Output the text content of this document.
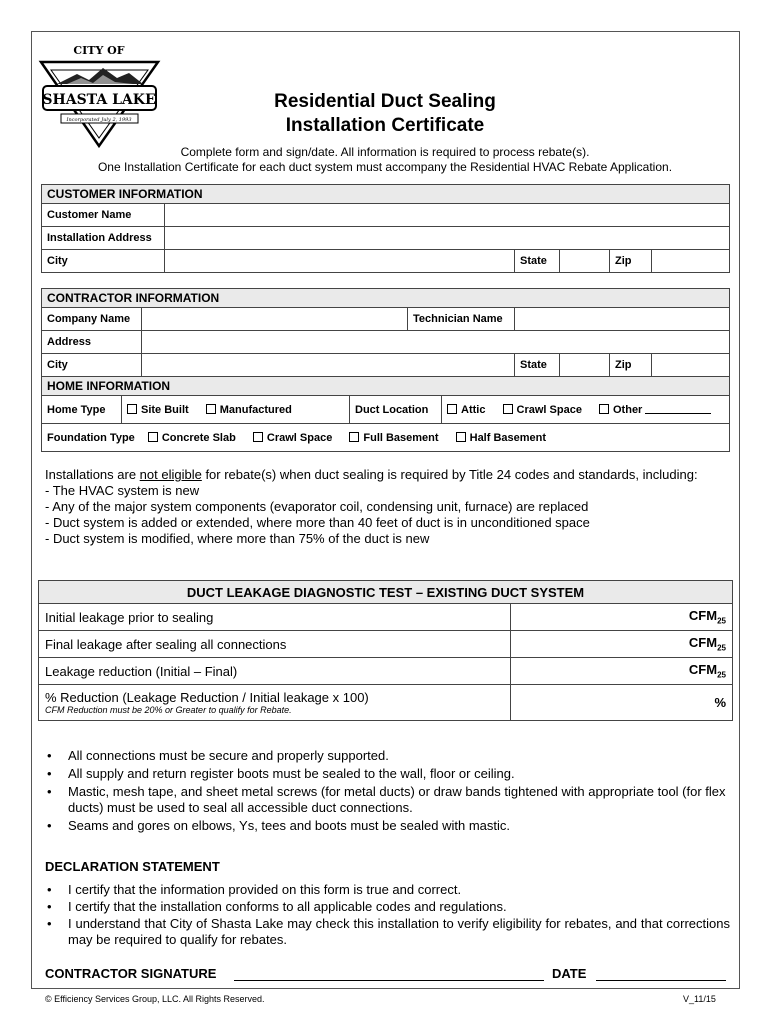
CITY OF
SHASTA LAKE
Incorporated July 2, 1993
Residential Duct Sealing
Installation Certificate
Complete form and sign/date. All information is required to process rebate(s).
One Installation Certificate for each duct system must accompany the Residential HVAC Rebate Application.
CUSTOMER INFORMATION					
Customer Name					
Installation Address					
City		State		Zip	
CONTRACTOR INFORMATION						
Company Name		Technician Name				
Address						
City			State		Zip	
HOME INFORMATION
Home Type	Site Built	Manufactured	Duct Location	Attic	Crawl Space	Other
Foundation Type Concrete Slab	Crawl Space	Full Basement	Half Basement
Installations are not eligible for rebate(s) when duct sealing is required by Title 24 codes and standards, including:
- The HVAC system is new
- Any of the major system components (evaporator coil, condensing unit, furnace) are replaced
- Duct system is added or extended, where more than 40 feet of duct is in unconditioned space
- Duct system is modified, where more than 75% of the duct is new
DUCT LEAKAGE DIAGNOSTIC TEST – EXISTING DUCT SYSTEM	
Initial leakage prior to sealing	$CFM_{25}$
Final leakage after sealing all connections	$CFM_{25}$
Leakage reduction (Initial – Final)	$CFM_{25}$
% Reduction (Leakage Reduction / Initial leakage x 100)
CFM Reduction must be 20% or Greater to qualify for Rebate.	%
• All connections must be secure and properly supported.
• All supply and return register boots must be sealed to the wall, floor or ceiling.
• Mastic, mesh tape, and sheet metal screws (for metal ducts) or draw bands tightened with appropriate tool (for flex ducts) must be used to seal all accessible duct connections.
• Seams and gores on elbows, Ys, tees and boots must be sealed with mastic.
DECLARATION STATEMENT
• I certify that the information provided on this form is true and correct.
• I certify that the installation conforms to all applicable codes and regulations.
• I understand that City of Shasta Lake may check this installation to verify eligibility for rebates, and that corrections may be required to qualify for rebates.
CONTRACTOR SIGNATURE	DATE
© Efficiency Services Group, LLC. All Rights Reserved.	V_11/15
